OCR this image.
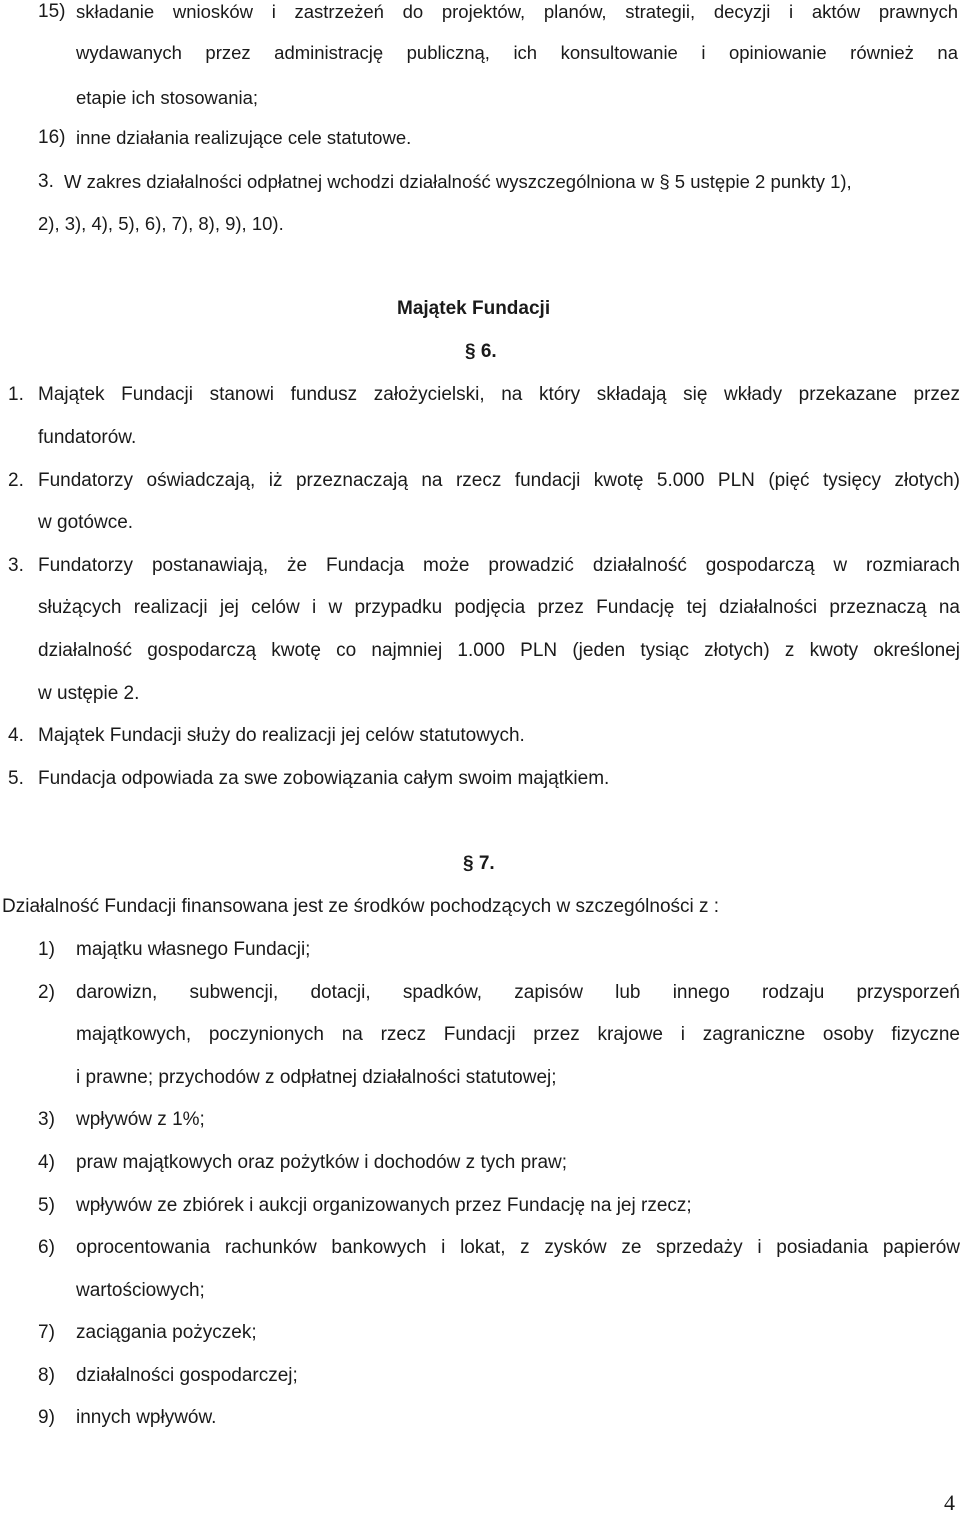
15) składanie wniosków i zastrzeżeń do projektów, planów, strategii, decyzji i aktów prawnych
wydawanych przez administrację publiczną, ich konsultowanie i opiniowanie również na
etapie ich stosowania;
16) inne działania realizujące cele statutowe.
3. W zakres działalności odpłatnej wchodzi działalność wyszczególniona w § 5 ustępie 2 punkty 1),
2), 3), 4), 5), 6), 7), 8), 9), 10).
Majątek Fundacji
§ 6.
1. Majątek Fundacji stanowi fundusz założycielski, na który składają się wkłady przekazane przez
fundatorów.
2. Fundatorzy oświadczają, iż przeznaczają na rzecz fundacji kwotę 5.000 PLN (pięć tysięcy złotych)
w gotówce.
3. Fundatorzy postanawiają, że Fundacja może prowadzić działalność gospodarczą w rozmiarach
służących realizacji jej celów i w przypadku podjęcia przez Fundację tej działalności przeznaczą na
działalność gospodarczą kwotę co najmniej 1.000 PLN (jeden tysiąc złotych) z kwoty określonej
w ustępie 2.
4. Majątek Fundacji służy do realizacji jej celów statutowych.
5. Fundacja odpowiada za swe zobowiązania całym swoim majątkiem.
§ 7.
Działalność Fundacji finansowana jest ze środków pochodzących w szczególności z :
1) majątku własnego Fundacji;
2) darowizn, subwencji, dotacji, spadków, zapisów lub innego rodzaju przysporzeń
majątkowych, poczynionych na rzecz Fundacji przez krajowe i zagraniczne osoby fizyczne
i prawne; przychodów z odpłatnej działalności statutowej;
3) wpływów z 1%;
4) praw majątkowych oraz pożytków i dochodów z tych praw;
5) wpływów ze zbiórek i aukcji organizowanych przez Fundację na jej rzecz;
6) oprocentowania rachunków bankowych i lokat, z zysków ze sprzedaży i posiadania papierów
wartościowych;
7) zaciągania pożyczek;
8) działalności gospodarczej;
9) innych wpływów.
4
